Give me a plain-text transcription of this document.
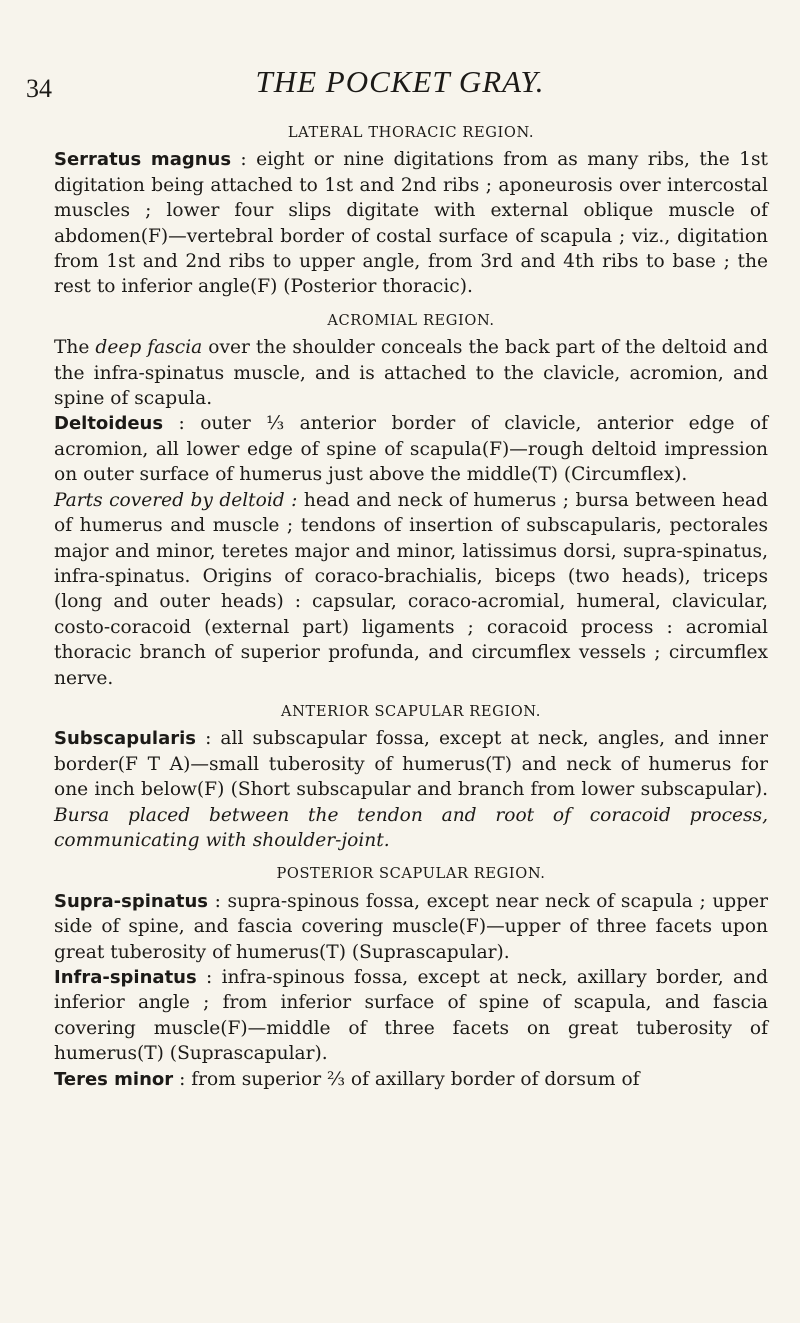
34	THE POCKET GRAY.
LATERAL THORACIC REGION.

Serratus magnus : eight or nine digitations from as many ribs, the 1st digitation being attached to 1st and 2nd ribs ; aponeurosis over intercostal muscles ; lower four slips digitate with external oblique muscle of abdomen(F)—vertebral border of costal surface of scapula ; viz., digitation from 1st and 2nd ribs to upper angle, from 3rd and 4th ribs to base ; the rest to inferior angle(F) (Posterior thoracic).

ACROMIAL REGION.

The deep fascia over the shoulder conceals the back part of the deltoid and the infra-spinatus muscle, and is attached to the clavicle, acromion, and spine of scapula.

Deltoideus : outer ⅓ anterior border of clavicle, anterior edge of acromion, all lower edge of spine of scapula(F)—rough deltoid impression on outer surface of humerus just above the middle(T) (Circumflex).

Parts covered by deltoid : head and neck of humerus ; bursa between head of humerus and muscle ; tendons of insertion of subscapularis, pectorales major and minor, teretes major and minor, latissimus dorsi, supra-spinatus, infra-spinatus. Origins of coraco-brachialis, biceps (two heads), triceps (long and outer heads) : capsular, coraco-acromial, humeral, clavicular, costo-coracoid (external part) ligaments ; coracoid process : acromial thoracic branch of superior profunda, and circumflex vessels ; circumflex nerve.

ANTERIOR SCAPULAR REGION.

Subscapularis : all subscapular fossa, except at neck, angles, and inner border(F T A)—small tuberosity of humerus(T) and neck of humerus for one inch below(F) (Short subscapular and branch from lower subscapular). Bursa placed between the tendon and root of coracoid process, communicating with shoulder-joint.

POSTERIOR SCAPULAR REGION.

Supra-spinatus : supra-spinous fossa, except near neck of scapula ; upper side of spine, and fascia covering muscle(F)—upper of three facets upon great tuberosity of humerus(T) (Suprascapular).

Infra-spinatus : infra-spinous fossa, except at neck, axillary border, and inferior angle ; from inferior surface of spine of scapula, and fascia covering muscle(F)—middle of three facets on great tuberosity of humerus(T) (Suprascapular).

Teres minor : from superior ⅔ of axillary border of dorsum of
